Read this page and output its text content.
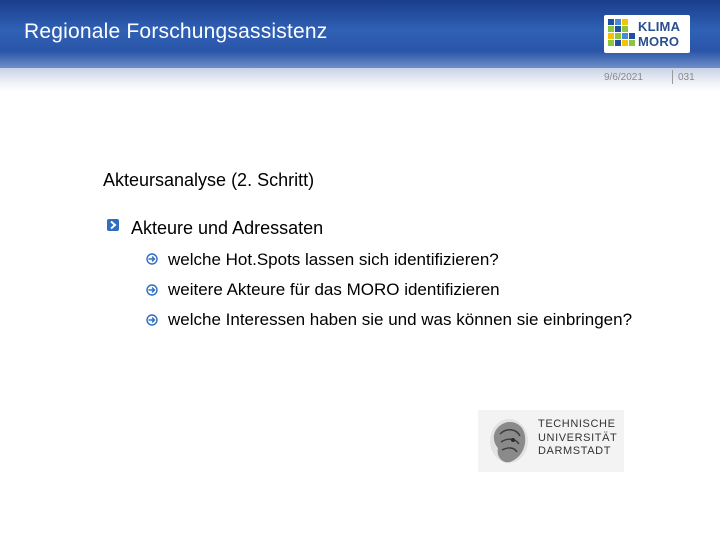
Regionale Forschungsassistenz	KLIMA
MORO
9/6/2021	031
Akteursanalyse (2. Schritt)
Akteure und Adressaten
welche Hot.Spots lassen sich identifizieren?
weitere Akteure für das MORO identifizieren
welche Interessen haben sie und was können sie einbringen?
TECHNISCHE
UNIVERSITÄT
DARMSTADT
